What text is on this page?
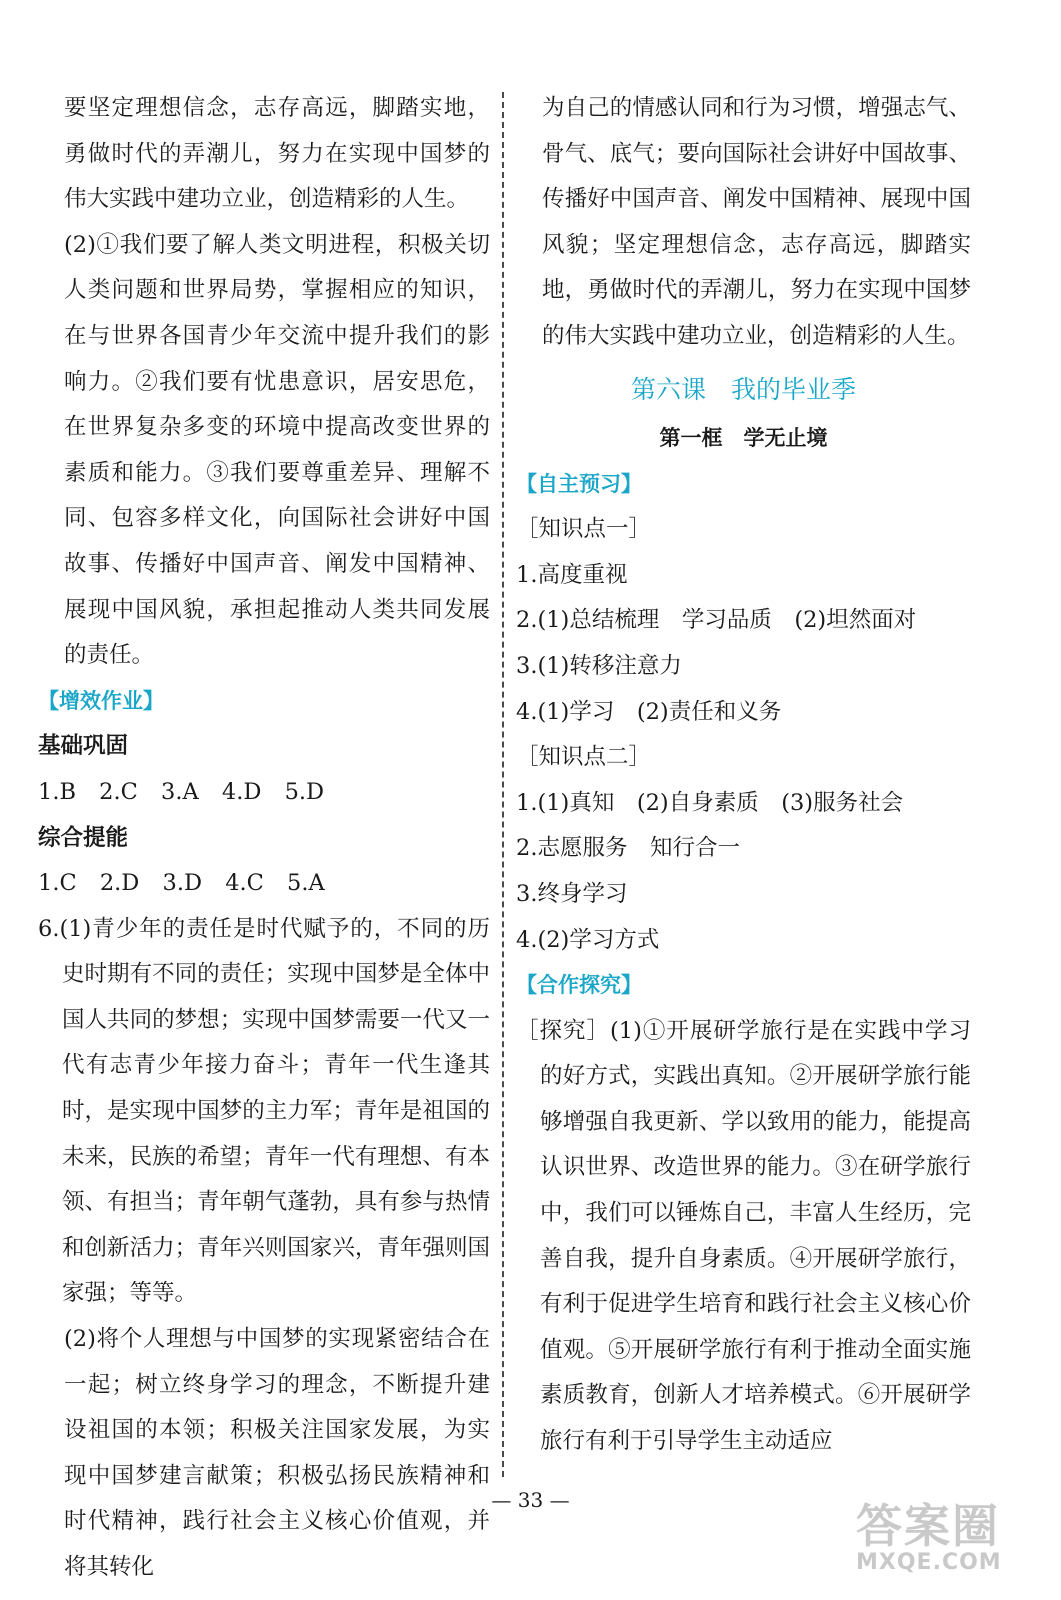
要坚定理想信念，志存高远，脚踏实地，勇做时代的弄潮儿，努力在实现中国梦的伟大实践中建功立业，创造精彩的人生。

(2)①我们要了解人类文明进程，积极关切人类问题和世界局势，掌握相应的知识，在与世界各国青少年交流中提升我们的影响力。②我们要有忧患意识，居安思危，在世界复杂多变的环境中提高改变世界的素质和能力。③我们要尊重差异、理解不同、包容多样文化，向国际社会讲好中国故事、传播好中国声音、阐发中国精神、展现中国风貌，承担起推动人类共同发展的责任。

【增效作业】

基础巩固

1.B 2.C 3.A 4.D 5.D

综合提能

1.C 2.D 3.D 4.C 5.A

6.(1)青少年的责任是时代赋予的，不同的历史时期有不同的责任；实现中国梦是全体中国人共同的梦想；实现中国梦需要一代又一代有志青少年接力奋斗；青年一代生逢其时，是实现中国梦的主力军；青年是祖国的未来，民族的希望；青年一代有理想、有本领、有担当；青年朝气蓬勃，具有参与热情和创新活力；青年兴则国家兴，青年强则国家强；等等。

(2)将个人理想与中国梦的实现紧密结合在一起；树立终身学习的理念，不断提升建设祖国的本领；积极关注国家发展，为实现中国梦建言献策；积极弘扬民族精神和时代精神，践行社会主义核心价值观，并将其转化

为自己的情感认同和行为习惯，增强志气、骨气、底气；要向国际社会讲好中国故事、传播好中国声音、阐发中国精神、展现中国风貌；坚定理想信念，志存高远，脚踏实地，勇做时代的弄潮儿，努力在实现中国梦的伟大实践中建功立业，创造精彩的人生。

第六课　我的毕业季

第一框　学无止境

【自主预习】

［知识点一］

1.高度重视

2.(1)总结梳理　学习品质　(2)坦然面对

3.(1)转移注意力

4.(1)学习　(2)责任和义务

［知识点二］

1.(1)真知　(2)自身素质　(3)服务社会

2.志愿服务　知行合一

3.终身学习

4.(2)学习方式

【合作探究】

［探究］(1)①开展研学旅行是在实践中学习的好方式，实践出真知。②开展研学旅行能够增强自我更新、学以致用的能力，能提高认识世界、改造世界的能力。③在研学旅行中，我们可以锤炼自己，丰富人生经历，完善自我，提升自身素质。④开展研学旅行，有利于促进学生培育和践行社会主义核心价值观。⑤开展研学旅行有利于推动全面实施素质教育，创新人才培养模式。⑥开展研学旅行有利于引导学生主动适应

— 33 —	答案圈
MXQE.COM
